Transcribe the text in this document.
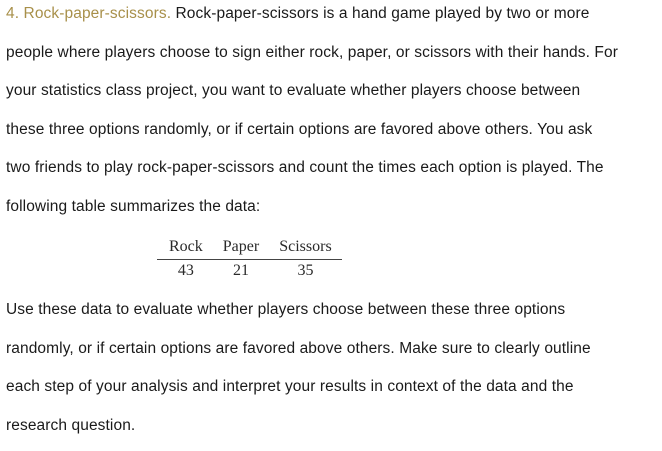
4. Rock-paper-scissors. Rock-paper-scissors is a hand game played by two or more
people where players choose to sign either rock, paper, or scissors with their hands. For
your statistics class project, you want to evaluate whether players choose between
these three options randomly, or if certain options are favored above others. You ask
two friends to play rock-paper-scissors and count the times each option is played. The
following table summarizes the data:

Rock	Paper	Scissors
43	21	35

Use these data to evaluate whether players choose between these three options
randomly, or if certain options are favored above others. Make sure to clearly outline
each step of your analysis and interpret your results in context of the data and the
research question.
